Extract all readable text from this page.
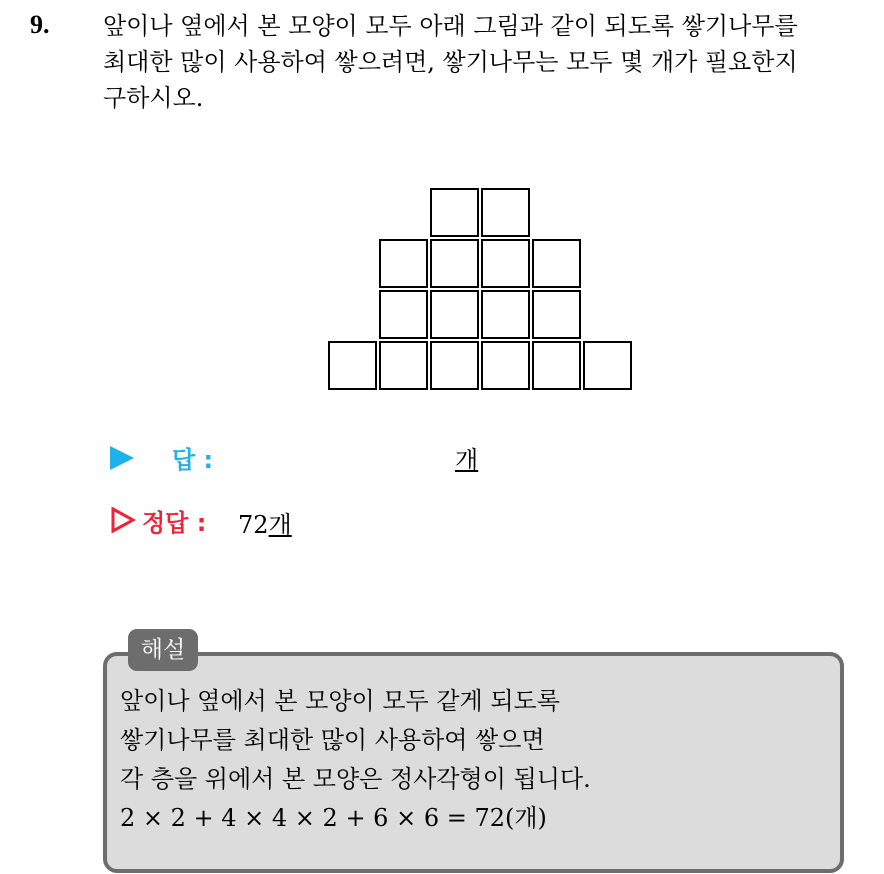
9. 앞이나 옆에서 본 모양이 모두 아래 그림과 같이 되도록 쌓기나무를
최대한 많이 사용하여 쌓으려면, 쌓기나무는 모두 몇 개가 필요한지
구하시오.
답 :	개
정답 : 72개
해설
앞이나 옆에서 본 모양이 모두 같게 되도록
쌓기나무를 최대한 많이 사용하여 쌓으면
각 층을 위에서 본 모양은 정사각형이 됩니다.
2 × 2 + 4 × 4 × 2 + 6 × 6 = 72(개)
